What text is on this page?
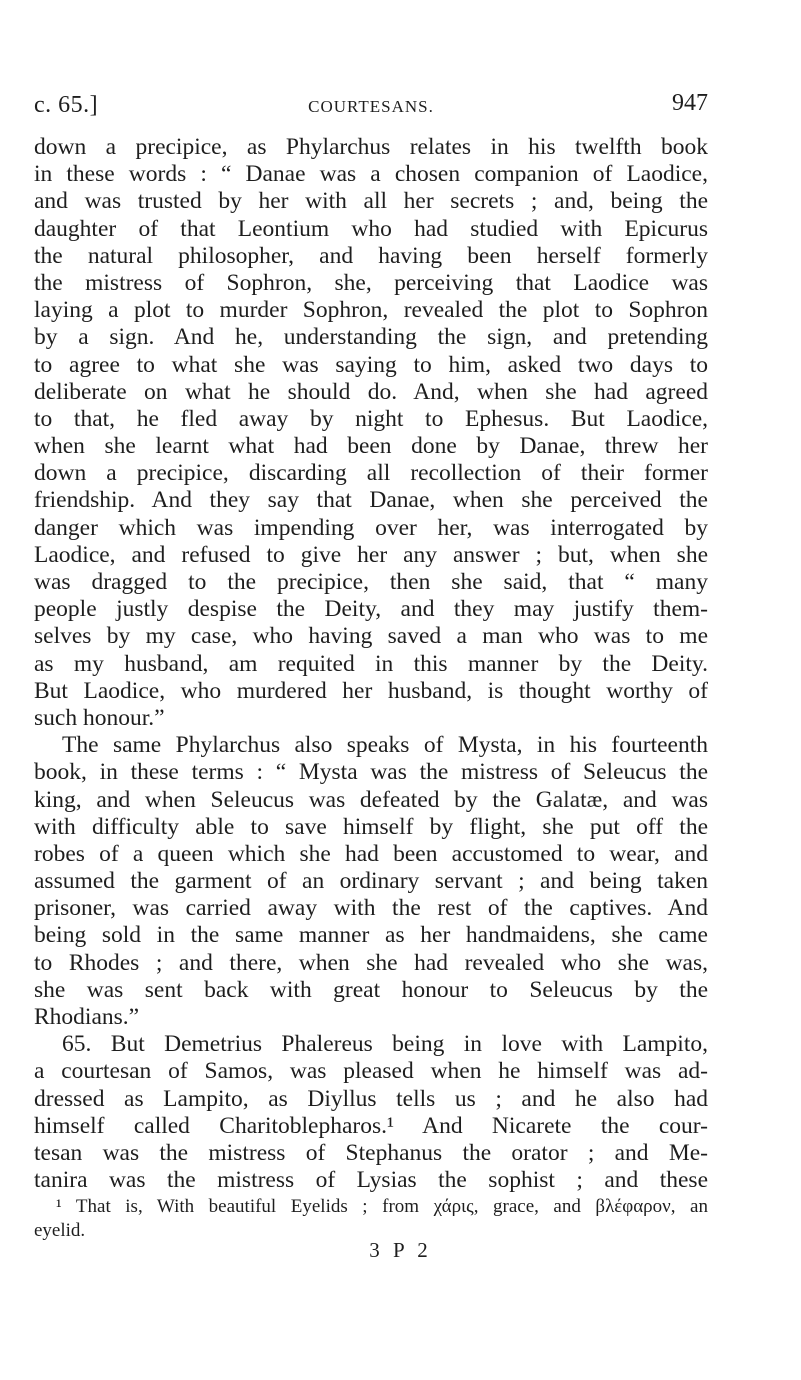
c. 65.]	COURTESANS.	947
down a precipice, as Phylarchus relates in his twelfth book
in these words : “ Danae was a chosen companion of Laodice,
and was trusted by her with all her secrets ; and, being the
daughter of that Leontium who had studied with Epicurus
the natural philosopher, and having been herself formerly
the mistress of Sophron, she, perceiving that Laodice was
laying a plot to murder Sophron, revealed the plot to Sophron
by a sign. And he, understanding the sign, and pretending
to agree to what she was saying to him, asked two days to
deliberate on what he should do. And, when she had agreed
to that, he fled away by night to Ephesus. But Laodice,
when she learnt what had been done by Danae, threw her
down a precipice, discarding all recollection of their former
friendship. And they say that Danae, when she perceived the
danger which was impending over her, was interrogated by
Laodice, and refused to give her any answer ; but, when she
was dragged to the precipice, then she said, that “ many
people justly despise the Deity, and they may justify them-
selves by my case, who having saved a man who was to me
as my husband, am requited in this manner by the Deity.
But Laodice, who murdered her husband, is thought worthy of
such honour.”
The same Phylarchus also speaks of Mysta, in his fourteenth
book, in these terms : “ Mysta was the mistress of Seleucus the
king, and when Seleucus was defeated by the Galatæ, and was
with difficulty able to save himself by flight, she put off the
robes of a queen which she had been accustomed to wear, and
assumed the garment of an ordinary servant ; and being taken
prisoner, was carried away with the rest of the captives. And
being sold in the same manner as her handmaidens, she came
to Rhodes ; and there, when she had revealed who she was,
she was sent back with great honour to Seleucus by the
Rhodians.”
65. But Demetrius Phalereus being in love with Lampito,
a courtesan of Samos, was pleased when he himself was ad-
dressed as Lampito, as Diyllus tells us ; and he also had
himself called Charitoblepharos.¹ And Nicarete the cour-
tesan was the mistress of Stephanus the orator ; and Me-
tanira was the mistress of Lysias the sophist ; and these
¹ That is, With beautiful Eyelids ; from χάρις, grace, and βλέφαρον, an
eyelid.
3 P 2
